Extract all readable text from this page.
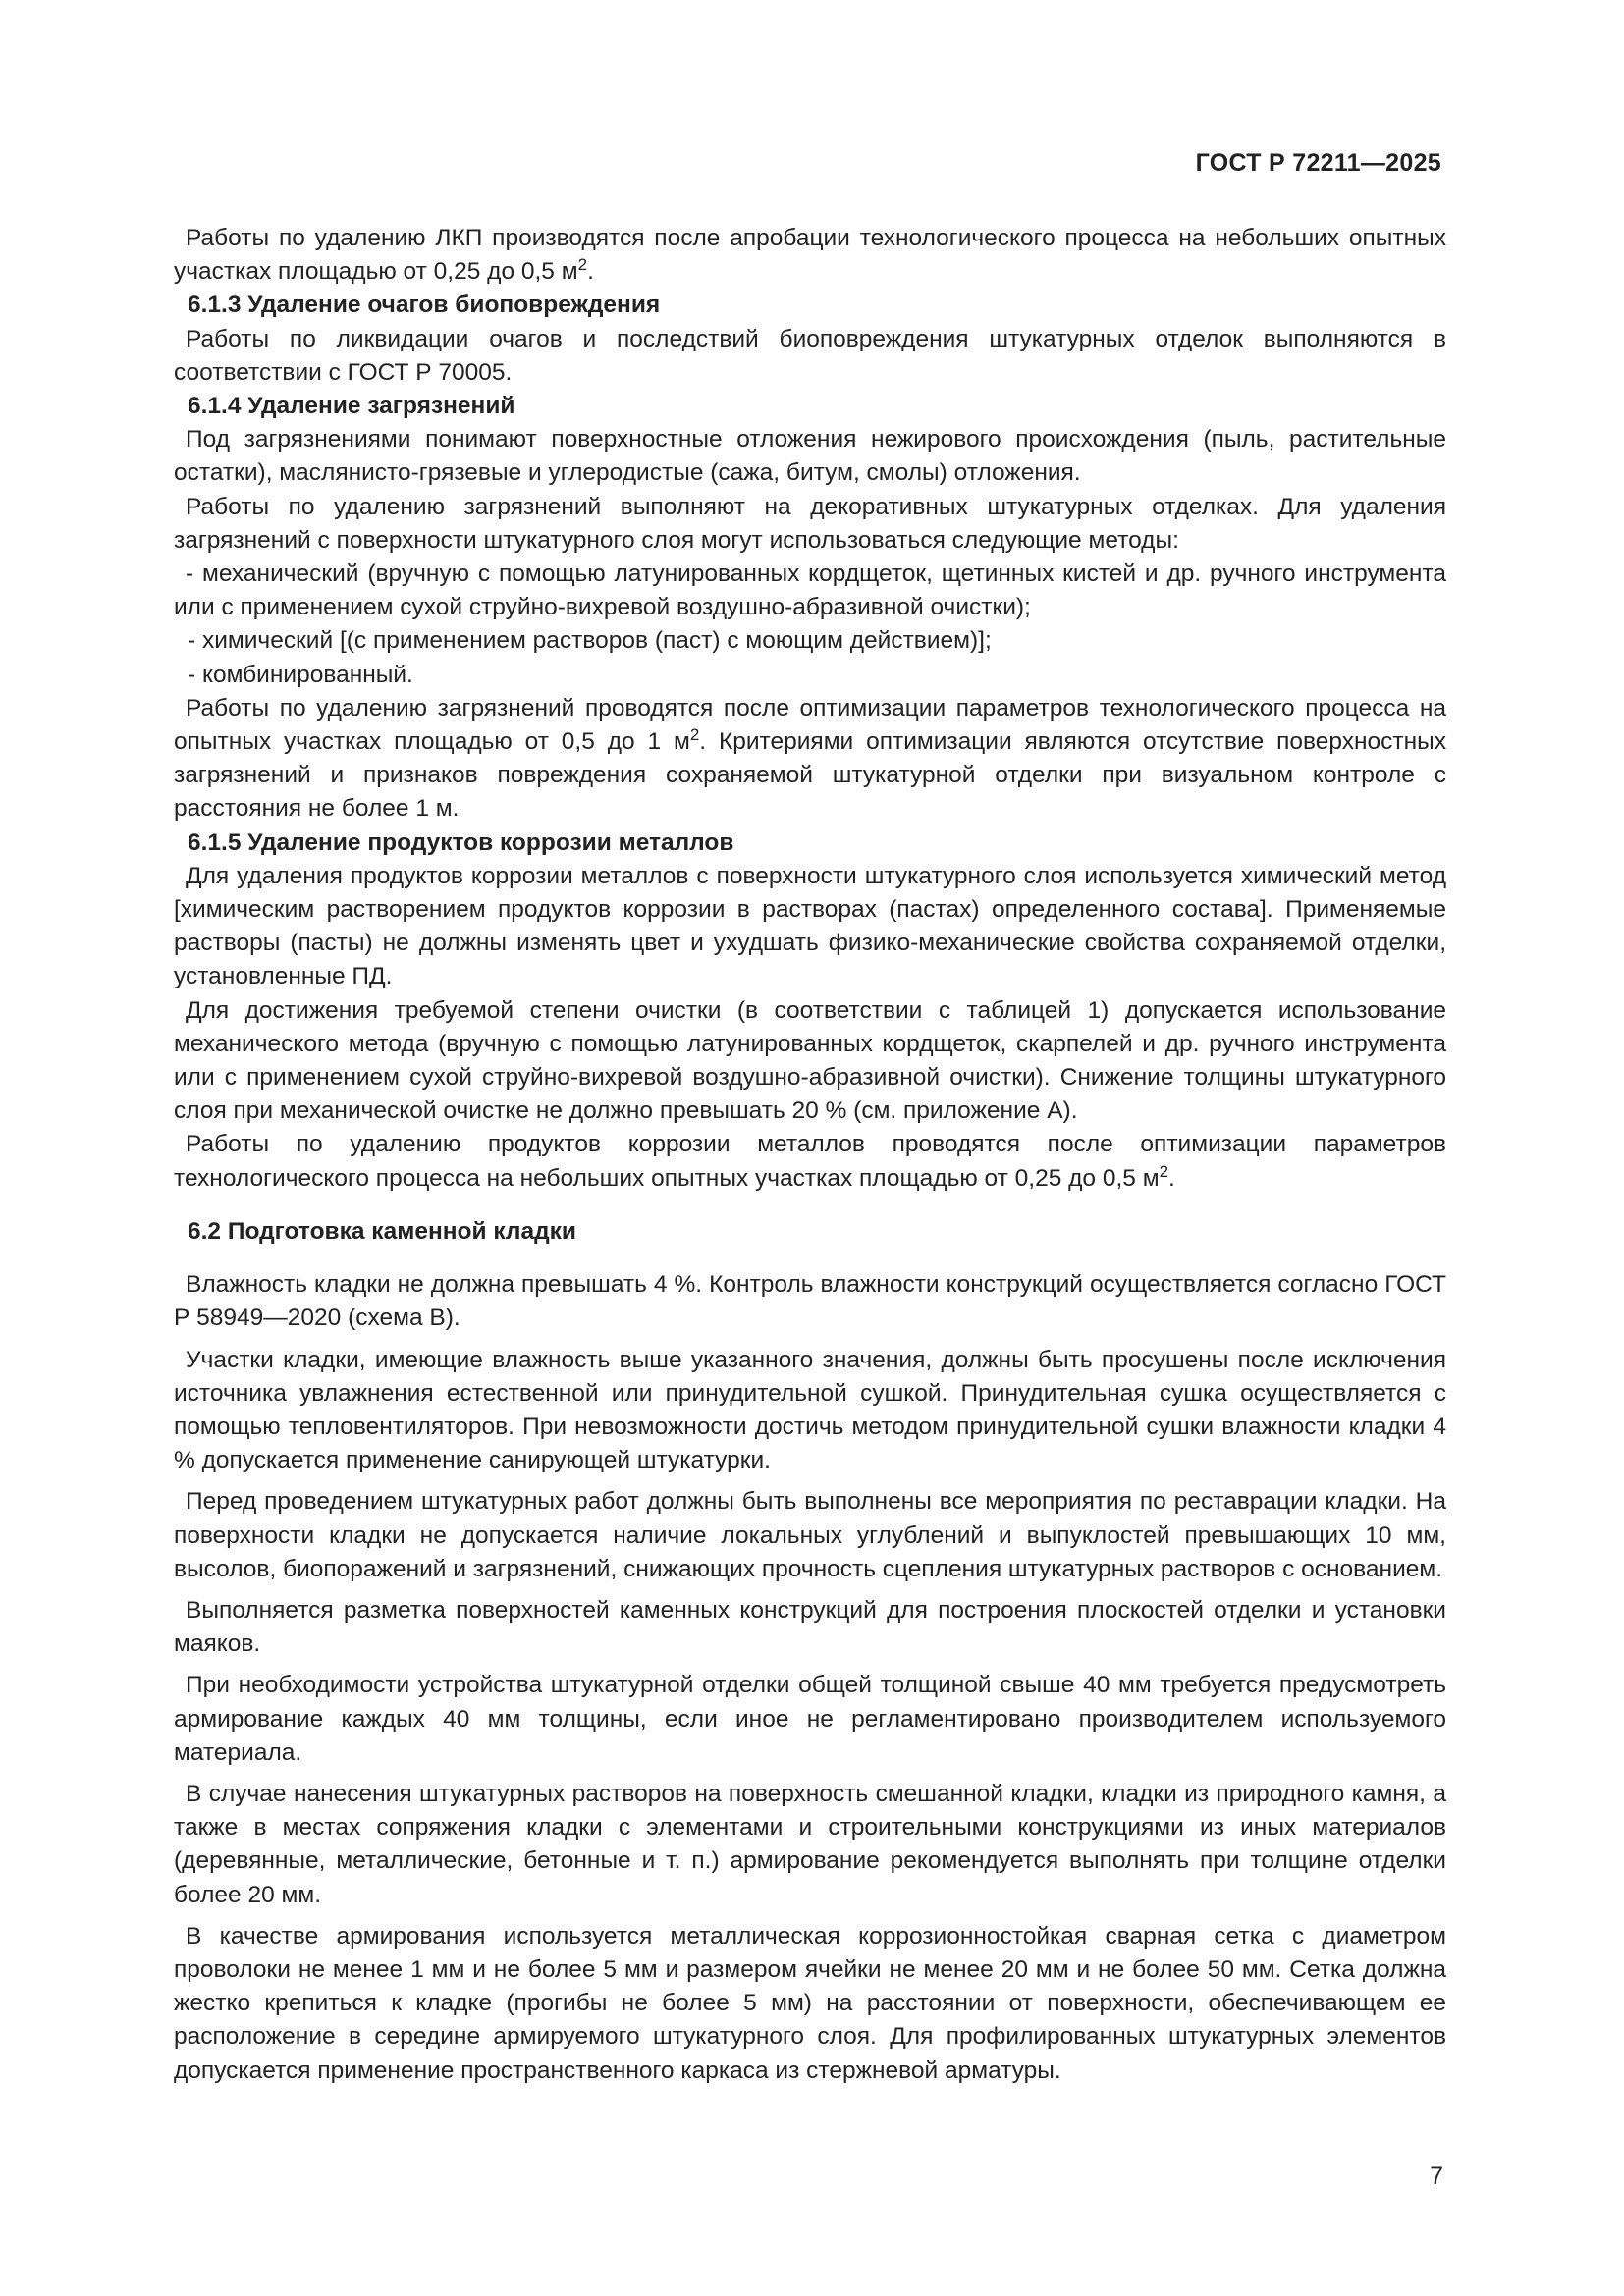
ГОСТ Р 72211—2025

Работы по удалению ЛКП производятся после апробации технологического процесса на небольших опытных участках площадью от 0,25 до 0,5 $м^2$.

6.1.3 Удаление очагов биоповреждения

Работы по ликвидации очагов и последствий биоповреждения штукатурных отделок выполняются в соответствии с ГОСТ Р 70005.

6.1.4 Удаление загрязнений

Под загрязнениями понимают поверхностные отложения нежирового происхождения (пыль, растительные остатки), маслянисто-грязевые и углеродистые (сажа, битум, смолы) отложения.

Работы по удалению загрязнений выполняют на декоративных штукатурных отделках. Для удаления загрязнений с поверхности штукатурного слоя могут использоваться следующие методы:

- механический (вручную с помощью латунированных кордщеток, щетинных кистей и др. ручного инструмента или с применением сухой струйно-вихревой воздушно-абразивной очистки);

- химический [(с применением растворов (паст) с моющим действием)];

- комбинированный.

Работы по удалению загрязнений проводятся после оптимизации параметров технологического процесса на опытных участках площадью от 0,5 до 1 $м^2$. Критериями оптимизации являются отсутствие поверхностных загрязнений и признаков повреждения сохраняемой штукатурной отделки при визуальном контроле с расстояния не более 1 м.

6.1.5 Удаление продуктов коррозии металлов

Для удаления продуктов коррозии металлов с поверхности штукатурного слоя используется химический метод [химическим растворением продуктов коррозии в растворах (пастах) определенного состава]. Применяемые растворы (пасты) не должны изменять цвет и ухудшать физико-механические свойства сохраняемой отделки, установленные ПД.

Для достижения требуемой степени очистки (в соответствии с таблицей 1) допускается использование механического метода (вручную с помощью латунированных кордщеток, скарпелей и др. ручного инструмента или с применением сухой струйно-вихревой воздушно-абразивной очистки). Снижение толщины штукатурного слоя при механической очистке не должно превышать 20 % (см. приложение А).

Работы по удалению продуктов коррозии металлов проводятся после оптимизации параметров технологического процесса на небольших опытных участках площадью от 0,25 до 0,5 $м^2$.

6.2 Подготовка каменной кладки

Влажность кладки не должна превышать 4 %. Контроль влажности конструкций осуществляется согласно ГОСТ Р 58949—2020 (схема В).

Участки кладки, имеющие влажность выше указанного значения, должны быть просушены после исключения источника увлажнения естественной или принудительной сушкой. Принудительная сушка осуществляется с помощью тепловентиляторов. При невозможности достичь методом принудительной сушки влажности кладки 4 % допускается применение санирующей штукатурки.

Перед проведением штукатурных работ должны быть выполнены все мероприятия по реставрации кладки. На поверхности кладки не допускается наличие локальных углублений и выпуклостей превышающих 10 мм, высолов, биопоражений и загрязнений, снижающих прочность сцепления штукатурных растворов с основанием.

Выполняется разметка поверхностей каменных конструкций для построения плоскостей отделки и установки маяков.

При необходимости устройства штукатурной отделки общей толщиной свыше 40 мм требуется предусмотреть армирование каждых 40 мм толщины, если иное не регламентировано производителем используемого материала.

В случае нанесения штукатурных растворов на поверхность смешанной кладки, кладки из природного камня, а также в местах сопряжения кладки с элементами и строительными конструкциями из иных материалов (деревянные, металлические, бетонные и т. п.) армирование рекомендуется выполнять при толщине отделки более 20 мм.

В качестве армирования используется металлическая коррозионностойкая сварная сетка с диаметром проволоки не менее 1 мм и не более 5 мм и размером ячейки не менее 20 мм и не более 50 мм. Сетка должна жестко крепиться к кладке (прогибы не более 5 мм) на расстоянии от поверхности, обеспечивающем ее расположение в середине армируемого штукатурного слоя. Для профилированных штукатурных элементов допускается применение пространственного каркаса из стержневой арматуры.

7
